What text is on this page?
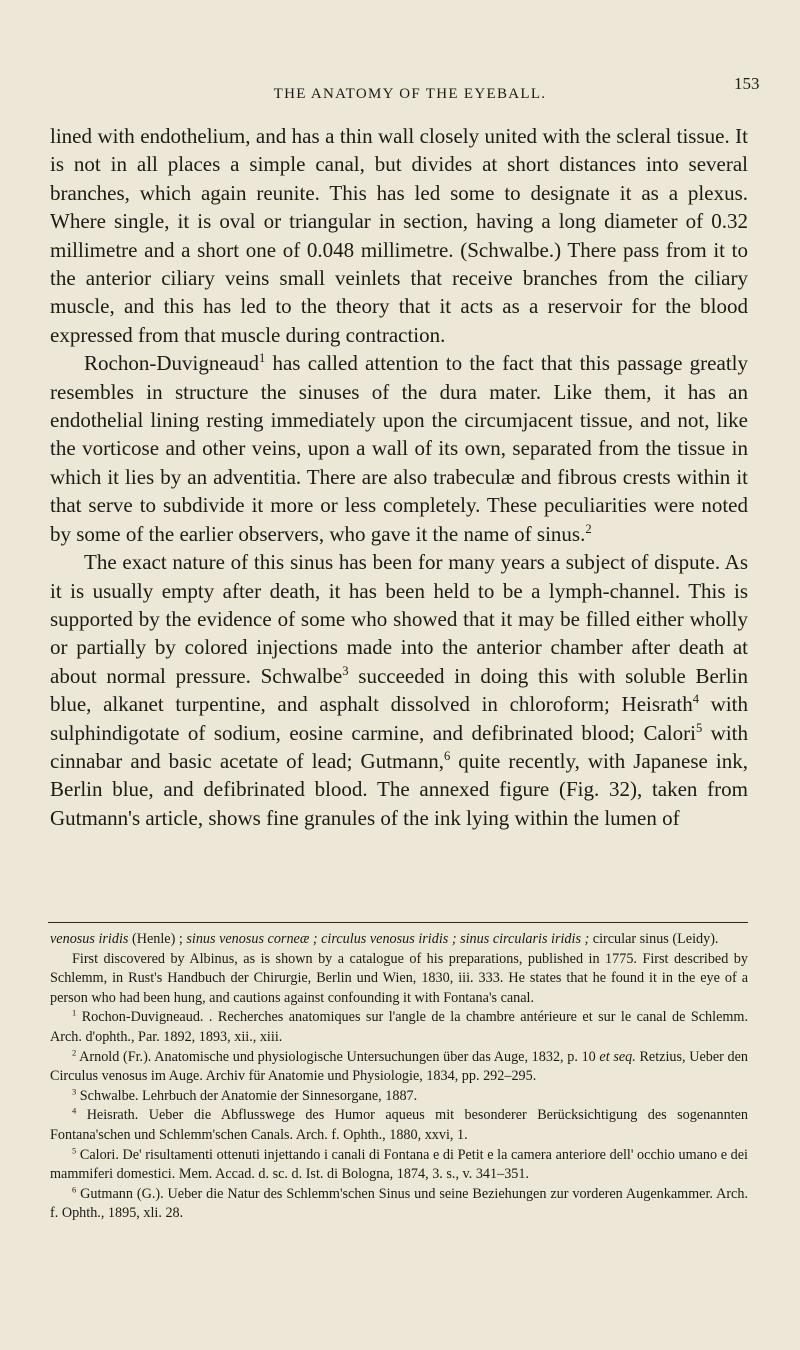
THE ANATOMY OF THE EYEBALL.
153

lined with endothelium, and has a thin wall closely united with the scleral tissue. It is not in all places a simple canal, but divides at short distances into several branches, which again reunite. This has led some to designate it as a plexus. Where single, it is oval or triangular in section, having a long diameter of 0.32 millimetre and a short one of 0.048 millimetre. (Schwalbe.) There pass from it to the anterior ciliary veins small veinlets that receive branches from the ciliary muscle, and this has led to the theory that it acts as a reservoir for the blood expressed from that muscle during contraction.

Rochon-Duvigneaud$^1$ has called attention to the fact that this passage greatly resembles in structure the sinuses of the dura mater. Like them, it has an endothelial lining resting immediately upon the circumjacent tissue, and not, like the vorticose and other veins, upon a wall of its own, separated from the tissue in which it lies by an adventitia. There are also trabeculæ and fibrous crests within it that serve to subdivide it more or less completely. These peculiarities were noted by some of the earlier observers, who gave it the name of sinus.$^2$

The exact nature of this sinus has been for many years a subject of dispute. As it is usually empty after death, it has been held to be a lymph-channel. This is supported by the evidence of some who showed that it may be filled either wholly or partially by colored injections made into the anterior chamber after death at about normal pressure. Schwalbe$^3$ succeeded in doing this with soluble Berlin blue, alkanet turpentine, and asphalt dissolved in chloroform; Heisrath$^4$ with sulphindigotate of sodium, eosine carmine, and defibrinated blood; Calori$^5$ with cinnabar and basic acetate of lead; Gutmann,$^6$ quite recently, with Japanese ink, Berlin blue, and defibrinated blood. The annexed figure (Fig. 32), taken from Gutmann's article, shows fine granules of the ink lying within the lumen of

venosus iridis (Henle) ; sinus venosus corneæ ; circulus venosus iridis ; sinus circularis iridis ; circular sinus (Leidy).

First discovered by Albinus, as is shown by a catalogue of his preparations, published in 1775. First described by Schlemm, in Rust's Handbuch der Chirurgie, Berlin und Wien, 1830, iii. 333. He states that he found it in the eye of a person who had been hung, and cautions against confounding it with Fontana's canal.

$^1$ Rochon-Duvigneaud. . Recherches anatomiques sur l'angle de la chambre antérieure et sur le canal de Schlemm. Arch. d'ophth., Par. 1892, 1893, xii., xiii.

$^2$ Arnold (Fr.). Anatomische und physiologische Untersuchungen über das Auge, 1832, p. 10 et seq. Retzius, Ueber den Circulus venosus im Auge. Archiv für Anatomie und Physiologie, 1834, pp. 292–295.

$^3$ Schwalbe. Lehrbuch der Anatomie der Sinnesorgane, 1887.

$^4$ Heisrath. Ueber die Abflusswege des Humor aqueus mit besonderer Berücksichtigung des sogenannten Fontana'schen und Schlemm'schen Canals. Arch. f. Ophth., 1880, xxvi, 1.

$^5$ Calori. De' risultamenti ottenuti injettando i canali di Fontana e di Petit e la camera anteriore dell' occhio umano e dei mammiferi domestici. Mem. Accad. d. sc. d. Ist. di Bologna, 1874, 3. s., v. 341–351.

$^6$ Gutmann (G.). Ueber die Natur des Schlemm'schen Sinus und seine Beziehungen zur vorderen Augenkammer. Arch. f. Ophth., 1895, xli. 28.
